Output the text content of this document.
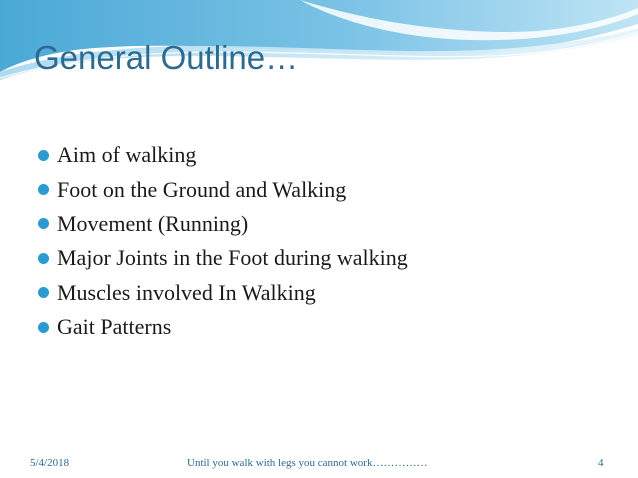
General Outline…
Aim of walking
Foot on the Ground and Walking
Movement (Running)
Major Joints in the Foot during walking
Muscles involved In Walking
Gait Patterns
5/4/2018	Until you walk with legs you cannot work……………	4
